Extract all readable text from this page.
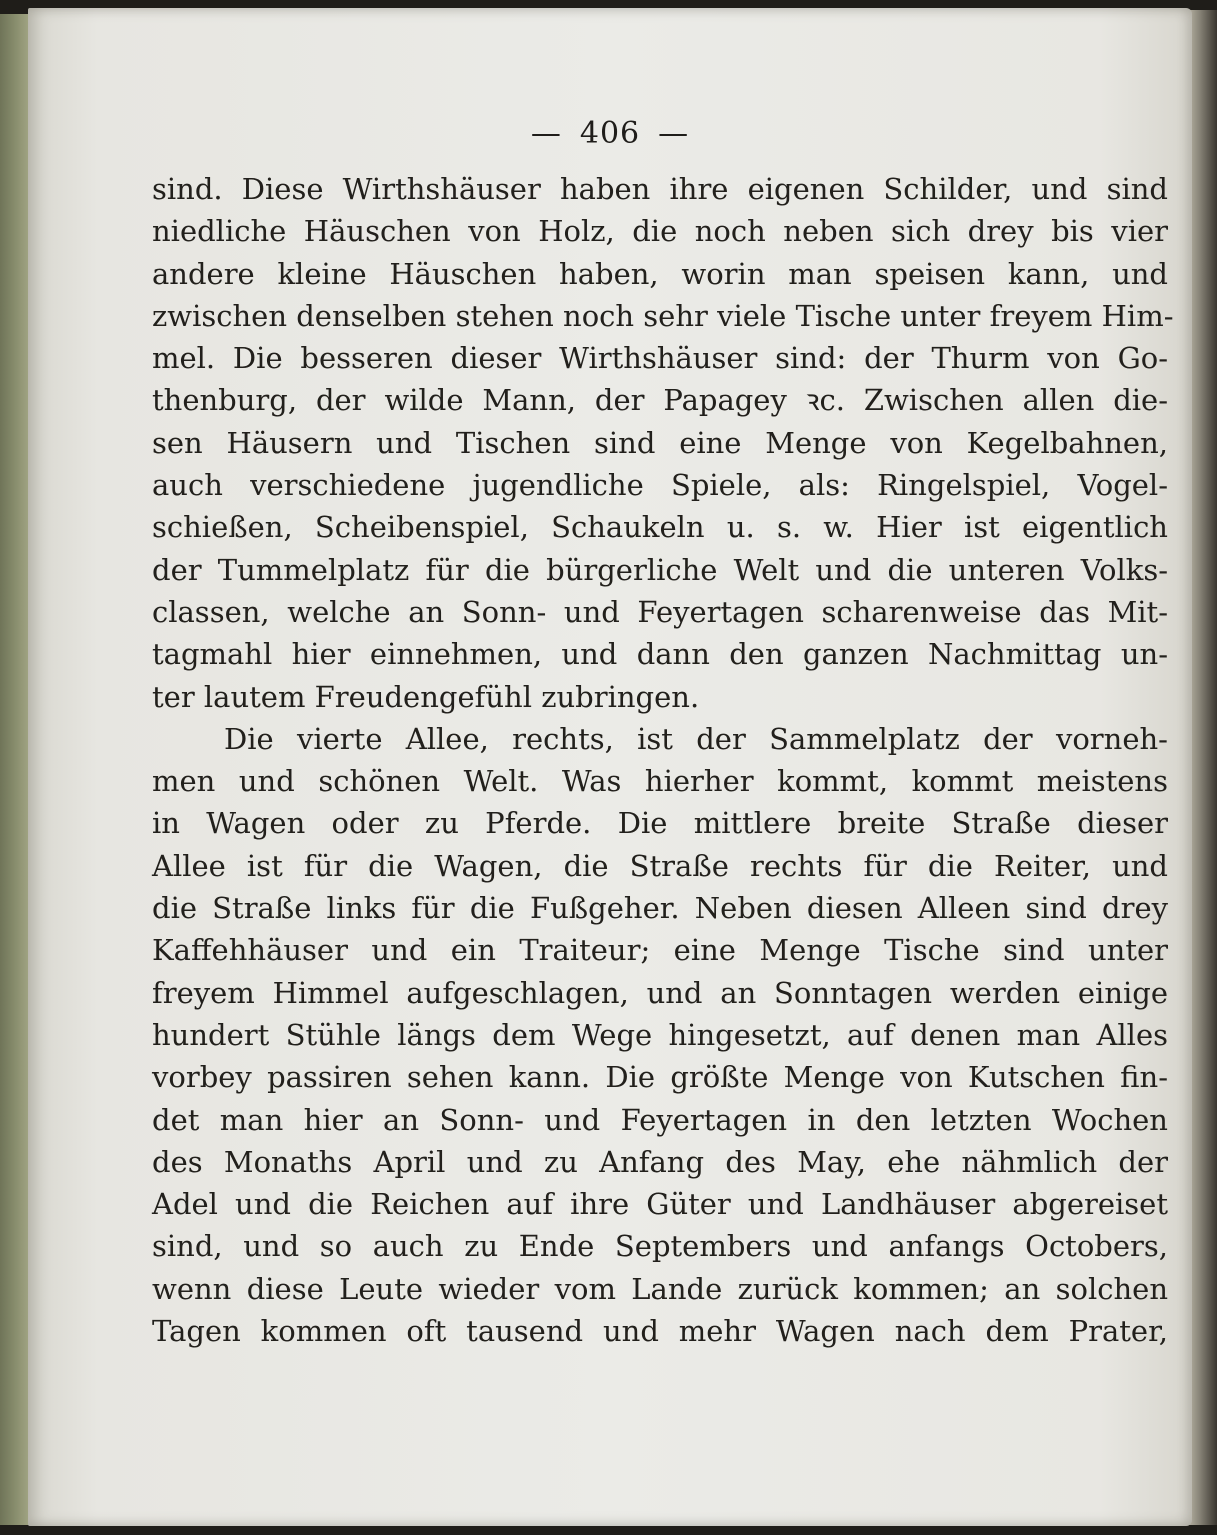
— 406 —
sind. Diese Wirthshäuser haben ihre eigenen Schilder, und sind
niedliche Häuschen von Holz, die noch neben sich drey bis vier
andere kleine Häuschen haben, worin man speisen kann, und
zwischen denselben stehen noch sehr viele Tische unter freyem Him-
mel. Die besseren dieser Wirthshäuser sind: der Thurm von Go-
thenburg, der wilde Mann, der Papagey ꝛc. Zwischen allen die-
sen Häusern und Tischen sind eine Menge von Kegelbahnen,
auch verschiedene jugendliche Spiele, als: Ringelspiel, Vogel-
schießen, Scheibenspiel, Schaukeln u. s. w. Hier ist eigentlich
der Tummelplatz für die bürgerliche Welt und die unteren Volks-
classen, welche an Sonn- und Feyertagen scharenweise das Mit-
tagmahl hier einnehmen, und dann den ganzen Nachmittag un-
ter lautem Freudengefühl zubringen.
Die vierte Allee, rechts, ist der Sammelplatz der vorneh-
men und schönen Welt. Was hierher kommt, kommt meistens
in Wagen oder zu Pferde. Die mittlere breite Straße dieser
Allee ist für die Wagen, die Straße rechts für die Reiter, und
die Straße links für die Fußgeher. Neben diesen Alleen sind drey
Kaffehhäuser und ein Traiteur; eine Menge Tische sind unter
freyem Himmel aufgeschlagen, und an Sonntagen werden einige
hundert Stühle längs dem Wege hingesetzt, auf denen man Alles
vorbey passiren sehen kann. Die größte Menge von Kutschen fin-
det man hier an Sonn- und Feyertagen in den letzten Wochen
des Monaths April und zu Anfang des May, ehe nähmlich der
Adel und die Reichen auf ihre Güter und Landhäuser abgereiset
sind, und so auch zu Ende Septembers und anfangs Octobers,
wenn diese Leute wieder vom Lande zurück kommen; an solchen
Tagen kommen oft tausend und mehr Wagen nach dem Prater,
